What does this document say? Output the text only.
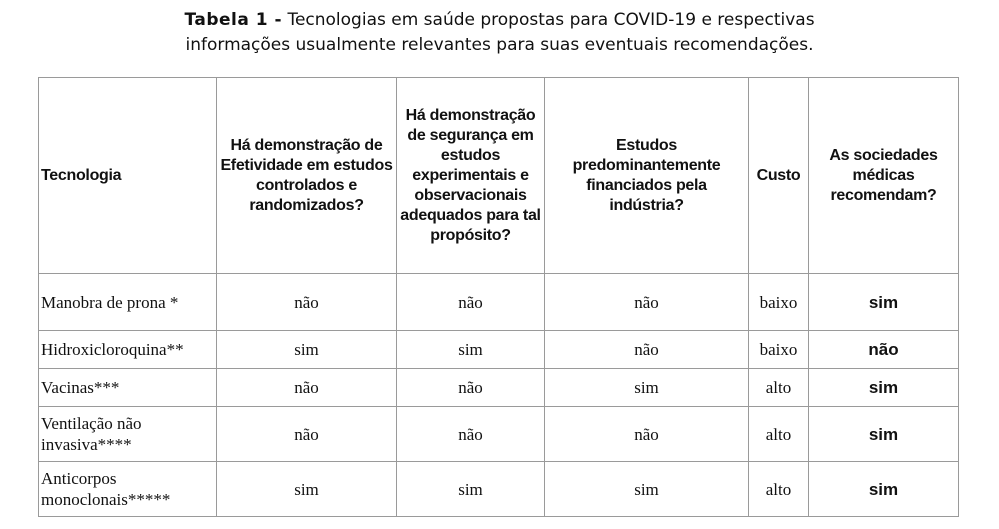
Tabela 1 - Tecnologias em saúde propostas para COVID-19 e respectivas
informações usualmente relevantes para suas eventuais recomendações.
Tecnologia	Há demonstração de Efetividade em estudos controlados e randomizados?	Há demonstração de segurança em estudos experimentais e observacionais adequados para tal propósito?	Estudos predominantemente financiados pela indústria?	Custo	As sociedades médicas recomendam?
Manobra de prona *	não	não	não	baixo	sim
Hidroxicloroquina**	sim	sim	não	baixo	não
Vacinas***	não	não	sim	alto	sim
Ventilação não invasiva****	não	não	não	alto	sim
Anticorpos monoclonais*****	sim	sim	sim	alto	sim
